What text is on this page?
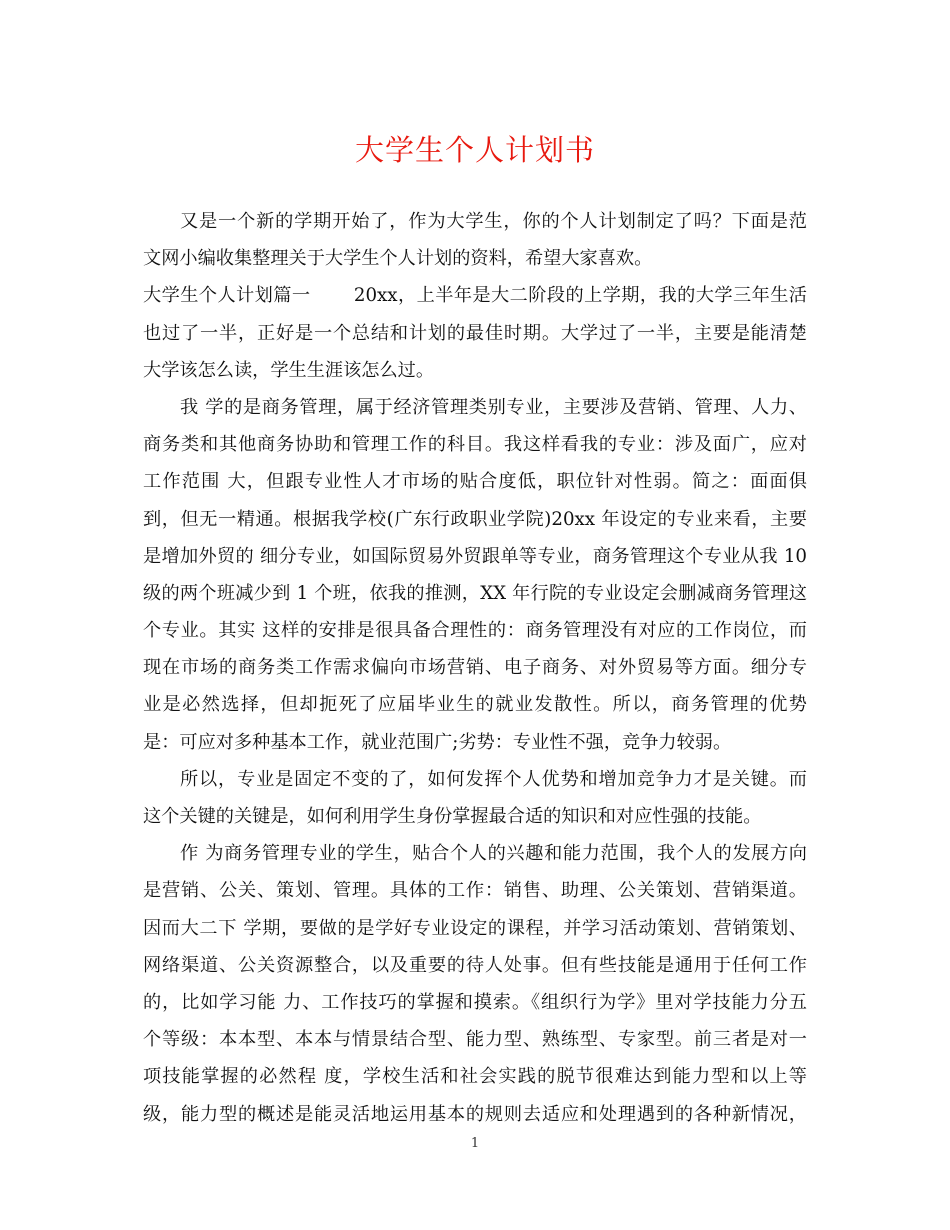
大学生个人计划书
又是一个新的学期开始了，作为大学生，你的个人计划制定了吗？下面是范
文网小编收集整理关于大学生个人计划的资料，希望大家喜欢。
大学生个人计划篇一　　 20xx，上半年是大二阶段的上学期，我的大学三年生活
也过了一半，正好是一个总结和计划的最佳时期。大学过了一半，主要是能清楚
大学该怎么读，学生生涯该怎么过。
我 学的是商务管理，属于经济管理类别专业，主要涉及营销、管理、人力、
商务类和其他商务协助和管理工作的科目。我这样看我的专业：涉及面广，应对
工作范围 大，但跟专业性人才市场的贴合度低，职位针对性弱。简之：面面俱
到，但无一精通。根据我学校(广东行政职业学院)20xx 年设定的专业来看，主要
是增加外贸的 细分专业，如国际贸易外贸跟单等专业，商务管理这个专业从我 10
级的两个班减少到 1 个班，依我的推测，XX 年行院的专业设定会删减商务管理这
个专业。其实 这样的安排是很具备合理性的：商务管理没有对应的工作岗位，而
现在市场的商务类工作需求偏向市场营销、电子商务、对外贸易等方面。细分专
业是必然选择，但却扼死了应届毕业生的就业发散性。所以，商务管理的优势
是：可应对多种基本工作，就业范围广;劣势：专业性不强，竞争力较弱。
所以，专业是固定不变的了，如何发挥个人优势和增加竞争力才是关键。而
这个关键的关键是，如何利用学生身份掌握最合适的知识和对应性强的技能。
作 为商务管理专业的学生，贴合个人的兴趣和能力范围，我个人的发展方向
是营销、公关、策划、管理。具体的工作：销售、助理、公关策划、营销渠道。
因而大二下 学期，要做的是学好专业设定的课程，并学习活动策划、营销策划、
网络渠道、公关资源整合，以及重要的待人处事。但有些技能是通用于任何工作
的，比如学习能 力、工作技巧的掌握和摸索。《组织行为学》里对学技能力分五
个等级：本本型、本本与情景结合型、能力型、熟练型、专家型。前三者是对一
项技能掌握的必然程 度，学校生活和社会实践的脱节很难达到能力型和以上等
级，能力型的概述是能灵活地运用基本的规则去适应和处理遇到的各种新情况，
1
